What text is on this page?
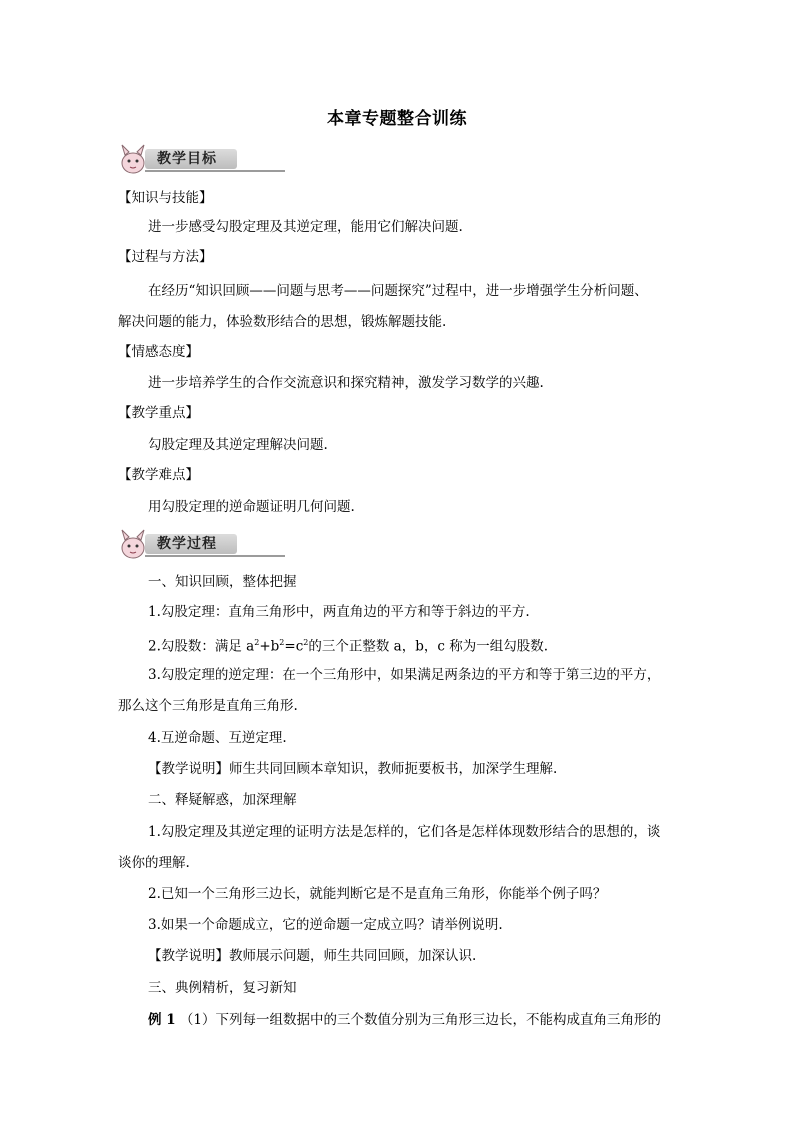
本章专题整合训练
教学目标
【知识与技能】
进一步感受勾股定理及其逆定理，能用它们解决问题.
【过程与方法】
在经历“知识回顾——问题与思考——问题探究”过程中，进一步增强学生分析问题、
解决问题的能力，体验数形结合的思想，锻炼解题技能.
【情感态度】
进一步培养学生的合作交流意识和探究精神，激发学习数学的兴趣.
【教学重点】
勾股定理及其逆定理解决问题.
【教学难点】
用勾股定理的逆命题证明几何问题.
教学过程
一、知识回顾，整体把握
1.勾股定理：直角三角形中，两直角边的平方和等于斜边的平方.
2.勾股数：满足 $a^2+b^2=c^2$的三个正整数 a，b，c 称为一组勾股数.
3.勾股定理的逆定理：在一个三角形中，如果满足两条边的平方和等于第三边的平方，
那么这个三角形是直角三角形.
4.互逆命题、互逆定理.
【教学说明】师生共同回顾本章知识，教师扼要板书，加深学生理解.
二、释疑解惑，加深理解
1.勾股定理及其逆定理的证明方法是怎样的，它们各是怎样体现数形结合的思想的，谈
谈你的理解.
2.已知一个三角形三边长，就能判断它是不是直角三角形，你能举个例子吗？
3.如果一个命题成立，它的逆命题一定成立吗？请举例说明.
【教学说明】教师展示问题，师生共同回顾，加深认识.
三、典例精析，复习新知
例 1 （1）下列每一组数据中的三个数值分别为三角形三边长，不能构成直角三角形的
